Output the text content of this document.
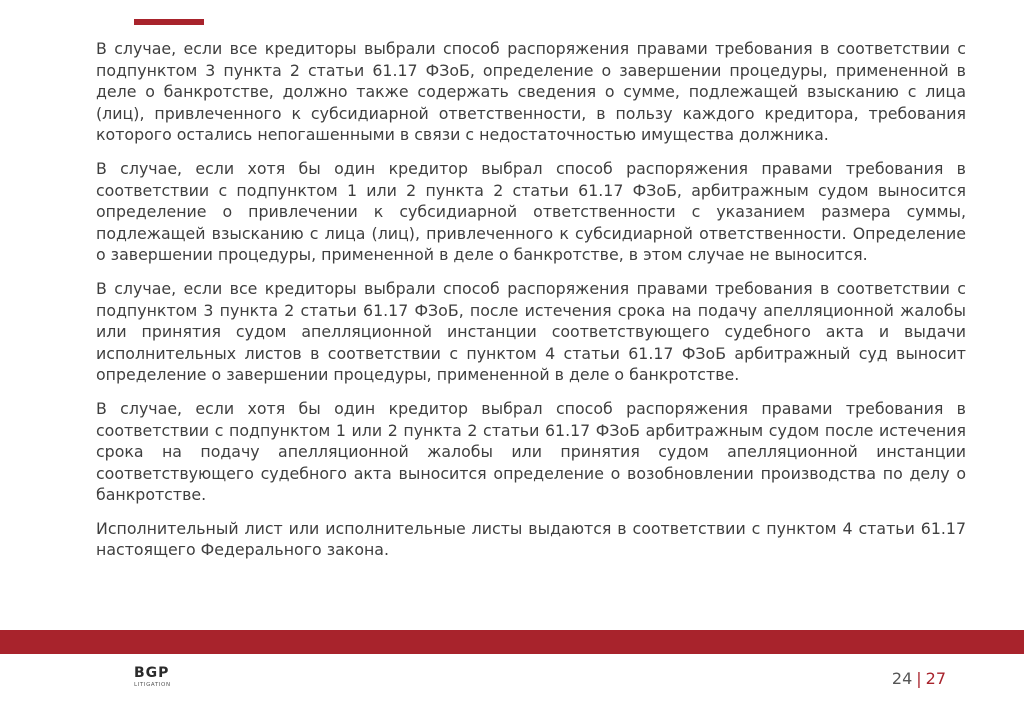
В случае, если все кредиторы выбрали способ распоряжения правами требования в соответствии с подпунктом 3 пункта 2 статьи 61.17 ФЗоБ, определение о завершении процедуры, примененной в деле о банкротстве, должно также содержать сведения о сумме, подлежащей взысканию с лица (лиц), привлеченного к субсидиарной ответственности, в пользу каждого кредитора, требования которого остались непогашенными в связи с недостаточностью имущества должника.

В случае, если хотя бы один кредитор выбрал способ распоряжения правами требования в соответствии с подпунктом 1 или 2 пункта 2 статьи 61.17 ФЗоБ, арбитражным судом выносится определение о привлечении к субсидиарной ответственности с указанием размера суммы, подлежащей взысканию с лица (лиц), привлеченного к субсидиарной ответственности. Определение о завершении процедуры, примененной в деле о банкротстве, в этом случае не выносится.

В случае, если все кредиторы выбрали способ распоряжения правами требования в соответствии с подпунктом 3 пункта 2 статьи 61.17 ФЗоБ, после истечения срока на подачу апелляционной жалобы или принятия судом апелляционной инстанции соответствующего судебного акта и выдачи исполнительных листов в соответствии с пунктом 4 статьи 61.17 ФЗоБ арбитражный суд выносит определение о завершении процедуры, примененной в деле о банкротстве.

В случае, если хотя бы один кредитор выбрал способ распоряжения правами требования в соответствии с подпунктом 1 или 2 пункта 2 статьи 61.17 ФЗоБ арбитражным судом после истечения срока на подачу апелляционной жалобы или принятия судом апелляционной инстанции соответствующего судебного акта выносится определение о возобновлении производства по делу о банкротстве.

Исполнительный лист или исполнительные листы выдаются в соответствии с пунктом 4 статьи 61.17 настоящего Федерального закона.

BGP
LITIGATION	24 | 27
